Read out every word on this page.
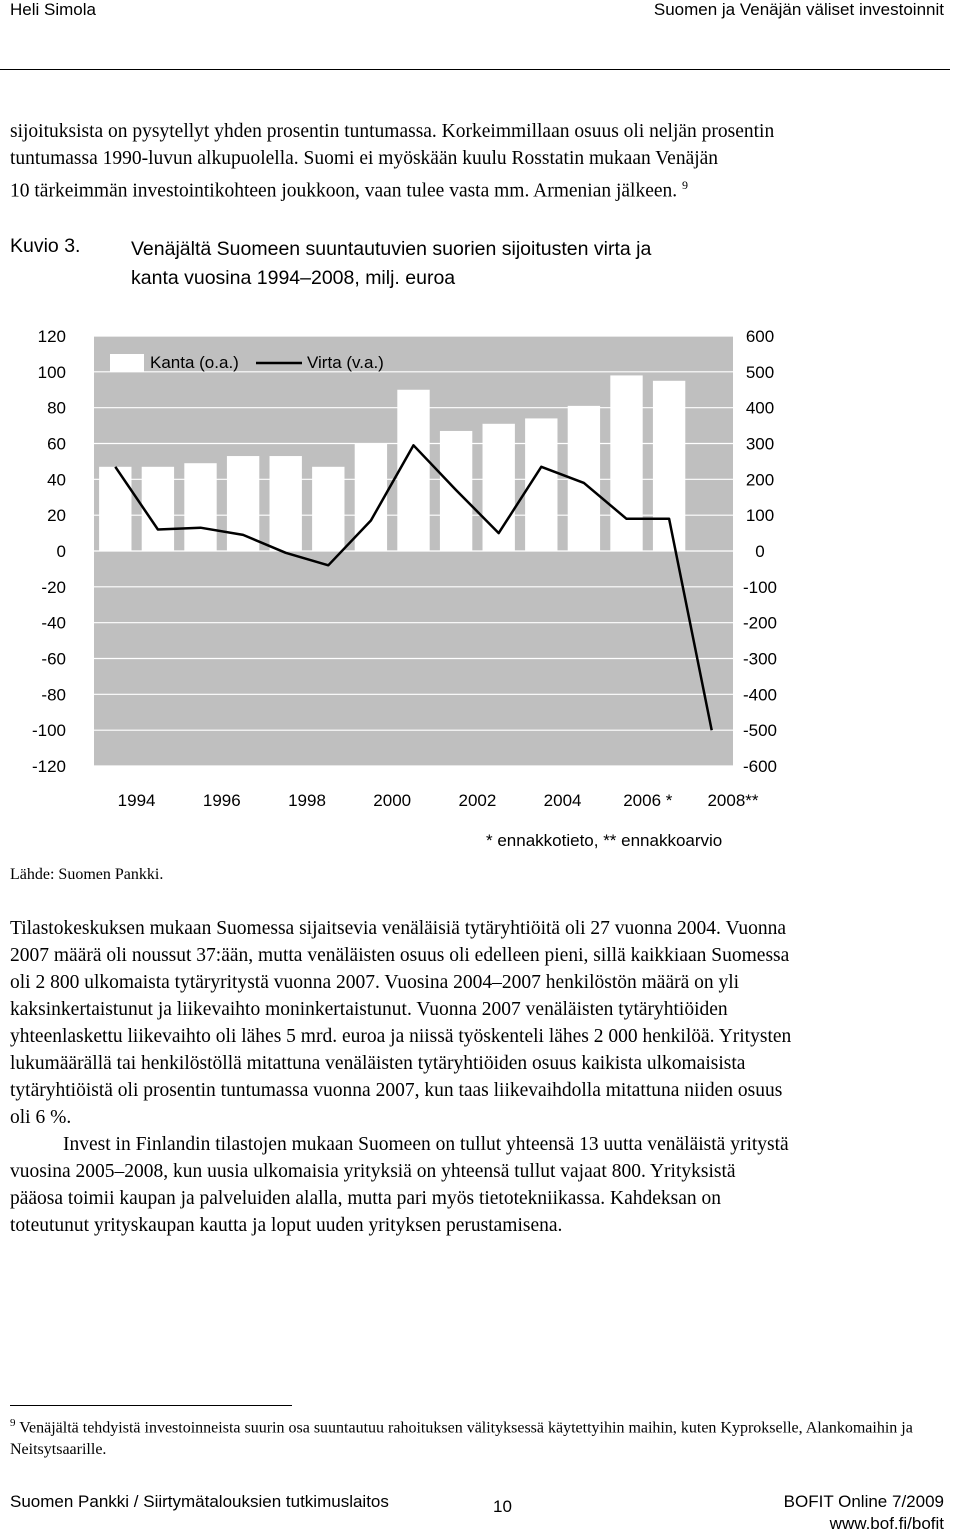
Heli Simola	Suomen ja Venäjän väliset investoinnit

sijoituksista on pysytellyt yhden prosentin tuntumassa. Korkeimmillaan osuus oli neljän prosentin
tuntumassa 1990-luvun alkupuolella. Suomi ei myöskään kuulu Rosstatin mukaan Venäjän
10 tärkeimmän investointikohteen joukkoon, vaan tulee vasta mm. Armenian jälkeen. $^9$

Kuvio 3.	Venäjältä Suomeen suuntautuvien suorien sijoitusten virta ja kanta vuosina 1994–2008, milj. euroa
120
100
80
60
40
20
0
-20
-40
-60
-80
-100
-120
600
500
400
300
200
100
0
-100
-200
-300
-400
-500
-600
1994	1996	1998	2000	2002	2004 2006 * 2008**
Kanta (o.a.)	Virta (v.a.)
* ennakkotieto, ** ennakkoarvio
Lähde: Suomen Pankki.

Tilastokeskuksen mukaan Suomessa sijaitsevia venäläisiä tytäryhtiöitä oli 27 vuonna 2004. Vuonna
2007 määrä oli noussut 37:ään, mutta venäläisten osuus oli edelleen pieni, sillä kaikkiaan Suomessa
oli 2 800 ulkomaista tytäryritystä vuonna 2007. Vuosina 2004–2007 henkilöstön määrä on yli
kaksinkertaistunut ja liikevaihto moninkertaistunut. Vuonna 2007 venäläisten tytäryhtiöiden
yhteenlaskettu liikevaihto oli lähes 5 mrd. euroa ja niissä työskenteli lähes 2 000 henkilöä. Yritysten
lukumäärällä tai henkilöstöllä mitattuna venäläisten tytäryhtiöiden osuus kaikista ulkomaisista
tytäryhtiöistä oli prosentin tuntumassa vuonna 2007, kun taas liikevaihdolla mitattuna niiden osuus
oli 6 %.

Invest in Finlandin tilastojen mukaan Suomeen on tullut yhteensä 13 uutta venäläistä yritystä
vuosina 2005–2008, kun uusia ulkomaisia yrityksiä on yhteensä tullut vajaat 800. Yrityksistä
pääosa toimii kaupan ja palveluiden alalla, mutta pari myös tietotekniikassa. Kahdeksan on
toteutunut yrityskaupan kautta ja loput uuden yrityksen perustamisena.

$^9$ Venäjältä tehdyistä investoinneista suurin osa suuntautuu rahoituksen välityksessä käytettyihin maihin, kuten Kyprokselle, Alankomaihin ja Neitsytsaarille.
Suomen Pankki / Siirtymätalouksien tutkimuslaitos	10	BOFIT Online 7/2009
www.bof.fi/bofit
